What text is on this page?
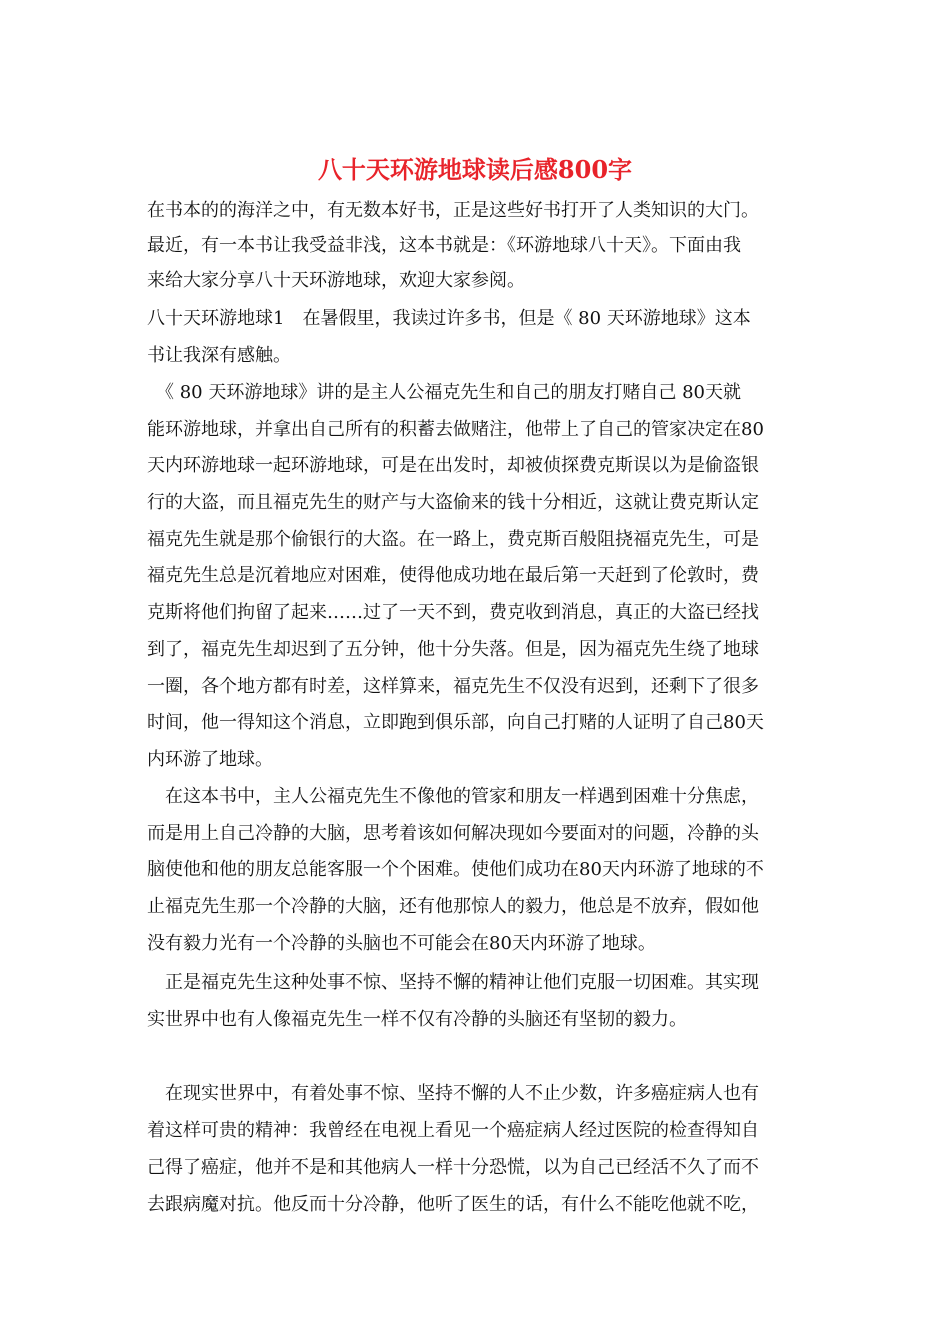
八十天环游地球读后感800字
在书本的的海洋之中，有无数本好书，正是这些好书打开了人类知识的大门。
最近，有一本书让我受益非浅，这本书就是：《环游地球八十天》。下面由我
来给大家分享八十天环游地球，欢迎大家参阅。
八十天环游地球1　在暑假里，我读过许多书，但是《 80 天环游地球》这本
书让我深有感触。
　《 80 天环游地球》讲的是主人公福克先生和自己的朋友打赌自己 80天就
能环游地球，并拿出自己所有的积蓄去做赌注，他带上了自己的管家决定在80
天内环游地球一起环游地球，可是在出发时，却被侦探费克斯误以为是偷盗银
行的大盗，而且福克先生的财产与大盗偷来的钱十分相近，这就让费克斯认定
福克先生就是那个偷银行的大盗。在一路上，费克斯百般阻挠福克先生，可是
福克先生总是沉着地应对困难，使得他成功地在最后第一天赶到了伦敦时，费
克斯将他们拘留了起来……过了一天不到，费克收到消息，真正的大盗已经找
到了，福克先生却迟到了五分钟，他十分失落。但是，因为福克先生绕了地球
一圈，各个地方都有时差，这样算来，福克先生不仅没有迟到，还剩下了很多
时间，他一得知这个消息，立即跑到俱乐部，向自己打赌的人证明了自己80天
内环游了地球。
　在这本书中，主人公福克先生不像他的管家和朋友一样遇到困难十分焦虑，
而是用上自己冷静的大脑，思考着该如何解决现如今要面对的问题，冷静的头
脑使他和他的朋友总能客服一个个困难。使他们成功在80天内环游了地球的不
止福克先生那一个冷静的大脑，还有他那惊人的毅力，他总是不放弃，假如他
没有毅力光有一个冷静的头脑也不可能会在80天内环游了地球。
　正是福克先生这种处事不惊、坚持不懈的精神让他们克服一切困难。其实现
实世界中也有人像福克先生一样不仅有冷静的头脑还有坚韧的毅力。
　在现实世界中，有着处事不惊、坚持不懈的人不止少数，许多癌症病人也有
着这样可贵的精神：我曾经在电视上看见一个癌症病人经过医院的检查得知自
己得了癌症，他并不是和其他病人一样十分恐慌，以为自己已经活不久了而不
去跟病魔对抗。他反而十分冷静，他听了医生的话，有什么不能吃他就不吃，
